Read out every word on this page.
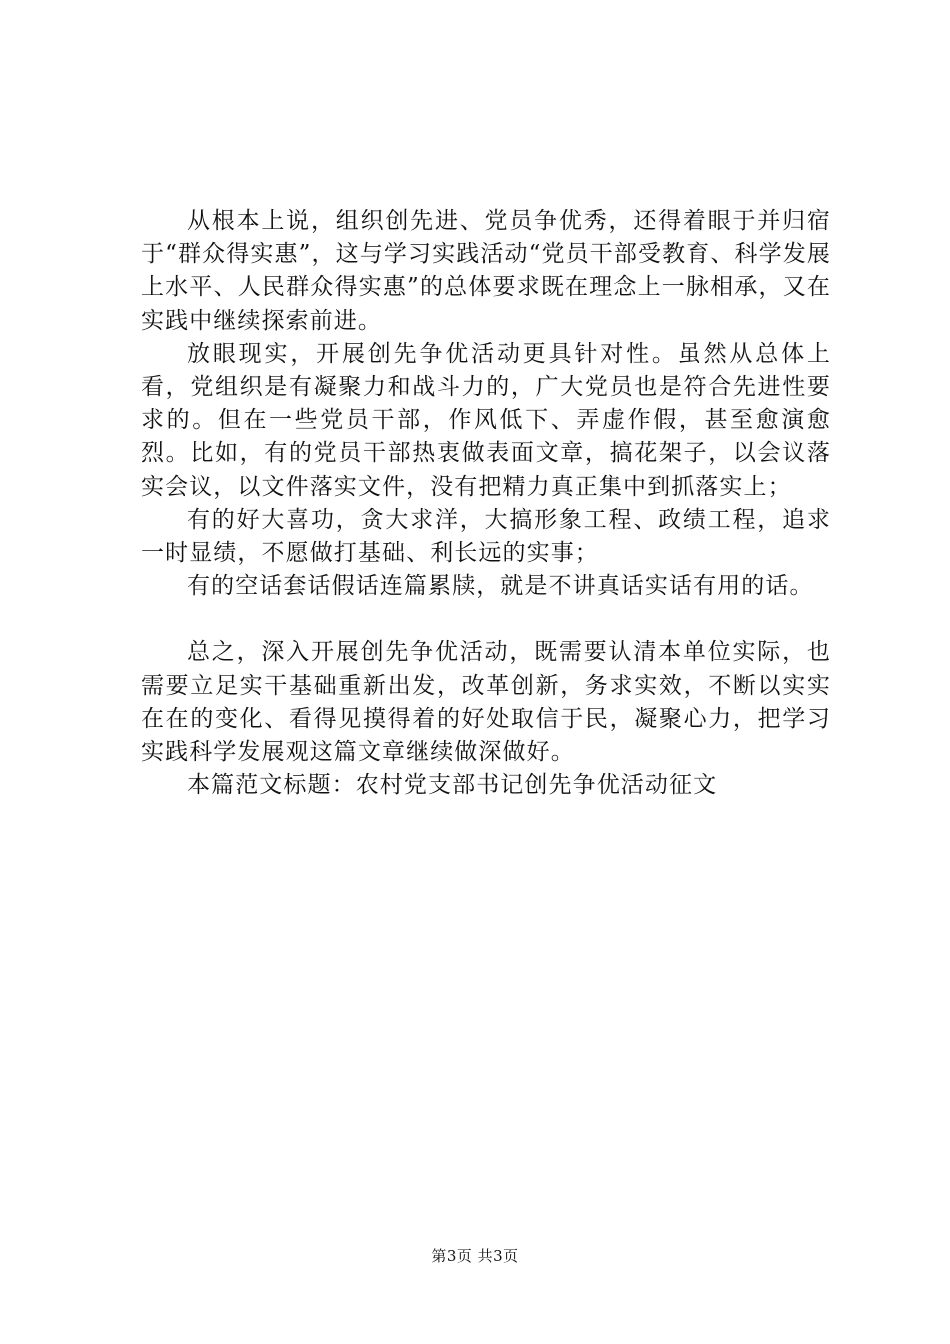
从根本上说，组织创先进、党员争优秀，还得着眼于并归宿于“群众得实惠”，这与学习实践活动“党员干部受教育、科学发展上水平、人民群众得实惠”的总体要求既在理念上一脉相承，又在实践中继续探索前进。

放眼现实，开展创先争优活动更具针对性。虽然从总体上看，党组织是有凝聚力和战斗力的，广大党员也是符合先进性要求的。但在一些党员干部，作风低下、弄虚作假，甚至愈演愈烈。比如，有的党员干部热衷做表面文章，搞花架子，以会议落实会议，以文件落实文件，没有把精力真正集中到抓落实上；

有的好大喜功，贪大求洋，大搞形象工程、政绩工程，追求一时显绩，不愿做打基础、利长远的实事；

有的空话套话假话连篇累牍，就是不讲真话实话有用的话。

总之，深入开展创先争优活动，既需要认清本单位实际，也需要立足实干基础重新出发，改革创新，务求实效，不断以实实在在的变化、看得见摸得着的好处取信于民，凝聚心力，把学习实践科学发展观这篇文章继续做深做好。

本篇范文标题：农村党支部书记创先争优活动征文

第3页 共3页
